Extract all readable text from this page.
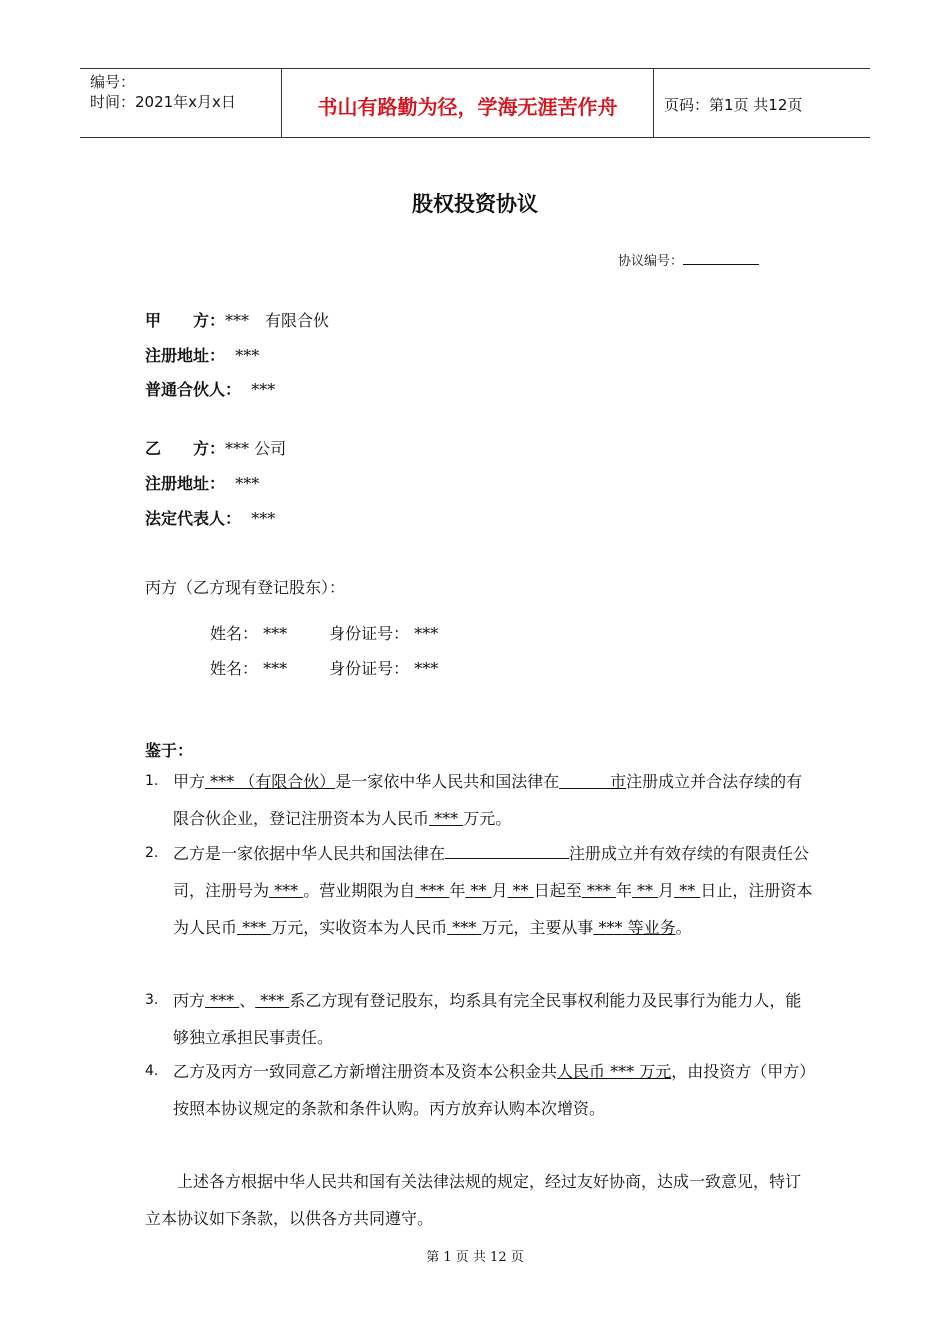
编号：
时间：2021年x月x日	书山有路勤为径，学海无涯苦作舟	页码：第1页 共12页
股权投资协议
协议编号：
甲　　方：***　有限合伙
注册地址： ***
普通合伙人： ***
乙　　方：*** 公司
注册地址： ***
法定代表人： ***
丙方（乙方现有登记股东）：
姓名： ***	身份证号： ***
姓名： ***	身份证号： ***
鉴于：
1. 甲方 *** （有限合伙）是一家依中华人民共和国法律在	市注册成立并合法存续的有限合伙企业，登记注册资本为人民币 *** 万元。
2. 乙方是一家依据中华人民共和国法律在	注册成立并有效存续的有限责任公司，注册号为 *** 。营业期限为自 *** 年 ** 月 ** 日起至 *** 年 ** 月 ** 日止，注册资本为人民币 *** 万元，实收资本为人民币 *** 万元，主要从事 *** 等业务。
3. 丙方 *** 、 *** 系乙方现有登记股东，均系具有完全民事权利能力及民事行为能力人，能够独立承担民事责任。
4. 乙方及丙方一致同意乙方新增注册资本及资本公积金共人民币 *** 万元，由投资方（甲方）按照本协议规定的条款和条件认购。丙方放弃认购本次增资。
上述各方根据中华人民共和国有关法律法规的规定，经过友好协商，达成一致意见，特订立本协议如下条款，以供各方共同遵守。
第 1 页 共 12 页
